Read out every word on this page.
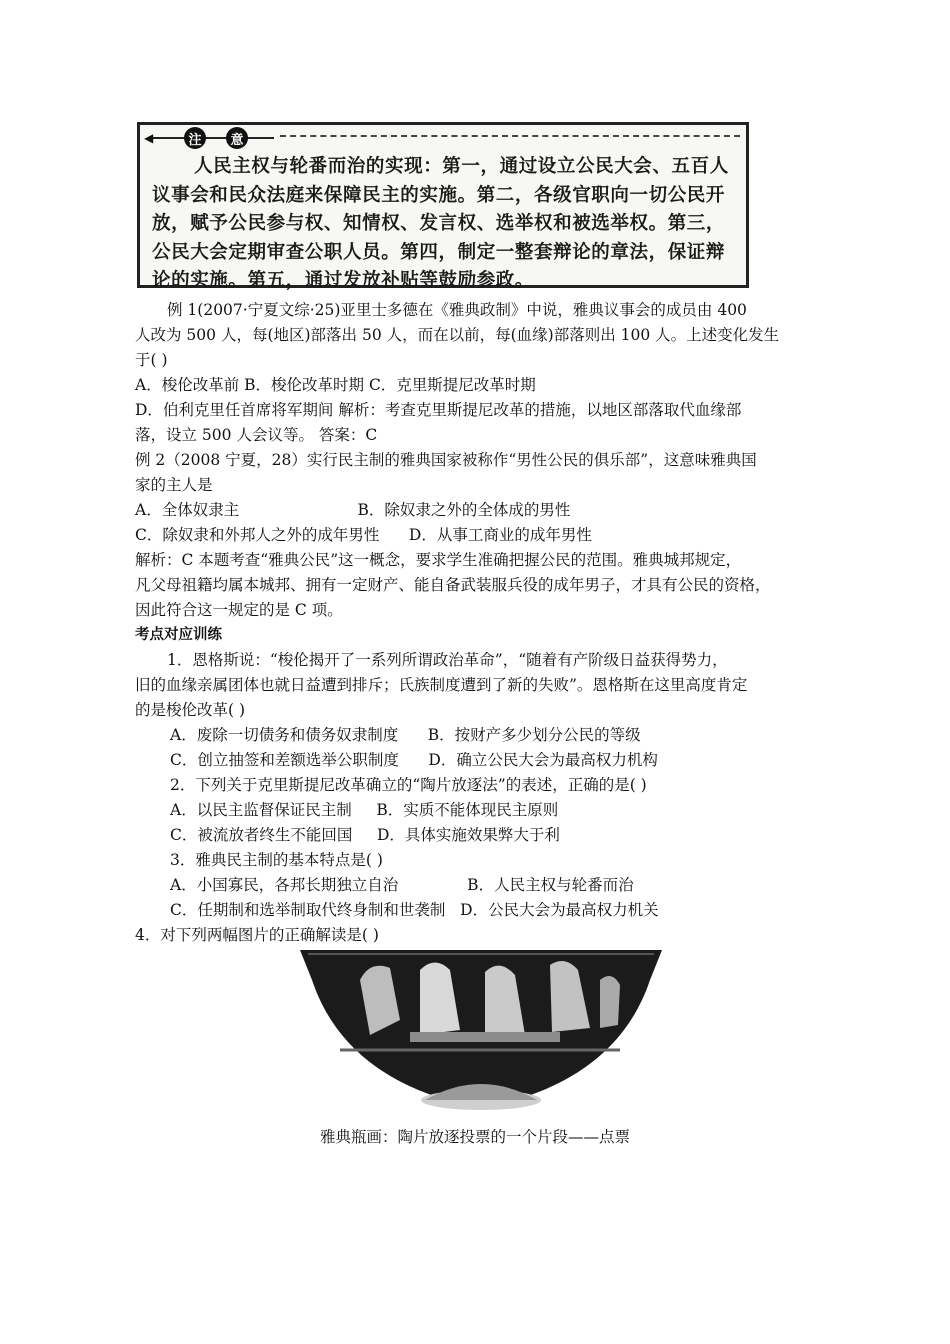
◀	注	意
人民主权与轮番而治的实现：第一，通过设立公民大会、五百人议事会和民众法庭来保障民主的实施。第二，各级官职向一切公民开放，赋予公民参与权、知情权、发言权、选举权和被选举权。第三，公民大会定期审查公职人员。第四，制定一整套辩论的章法，保证辩论的实施。第五，通过发放补贴等鼓励参政。
例 1(2007·宁夏文综·25)亚里士多德在《雅典政制》中说，雅典议事会的成员由 400
人改为 500 人，每(地区)部落出 50 人，而在以前，每(血缘)部落则出 100 人。上述变化发生
于( )
A．梭伦改革前 B．梭伦改革时期 C．克里斯提尼改革时期
D．伯利克里任首席将军期间 解析：考查克里斯提尼改革的措施，以地区部落取代血缘部
落，设立 500 人会议等。 答案：C
例 2（2008 宁夏，28）实行民主制的雅典国家被称作“男性公民的俱乐部”，这意味雅典国
家的主人是
A．全体奴隶主                        B．除奴隶之外的全体成的男性
C．除奴隶和外邦人之外的成年男性      D．从事工商业的成年男性
解析：C 本题考查“雅典公民”这一概念，要求学生准确把握公民的范围。雅典城邦规定，
凡父母祖籍均属本城邦、拥有一定财产、能自备武装服兵役的成年男子，才具有公民的资格，
因此符合这一规定的是 C 项。
考点对应训练
1．恩格斯说：“梭伦揭开了一系列所谓政治革命”，“随着有产阶级日益获得势力，
旧的血缘亲属团体也就日益遭到排斥；氏族制度遭到了新的失败”。恩格斯在这里高度肯定
的是梭伦改革( )
A．废除一切债务和债务奴隶制度      B．按财产多少划分公民的等级
C．创立抽签和差额选举公职制度      D．确立公民大会为最高权力机构
2．下列关于克里斯提尼改革确立的“陶片放逐法”的表述，正确的是( )
A．以民主监督保证民主制     B．实质不能体现民主原则
C．被流放者终生不能回国     D．具体实施效果弊大于利
3．雅典民主制的基本特点是( )
A．小国寡民，各邦长期独立自治              B．人民主权与轮番而治
C．任期制和选举制取代终身制和世袭制   D．公民大会为最高权力机关
4．对下列两幅图片的正确解读是( )
雅典瓶画：陶片放逐投票的一个片段——点票
